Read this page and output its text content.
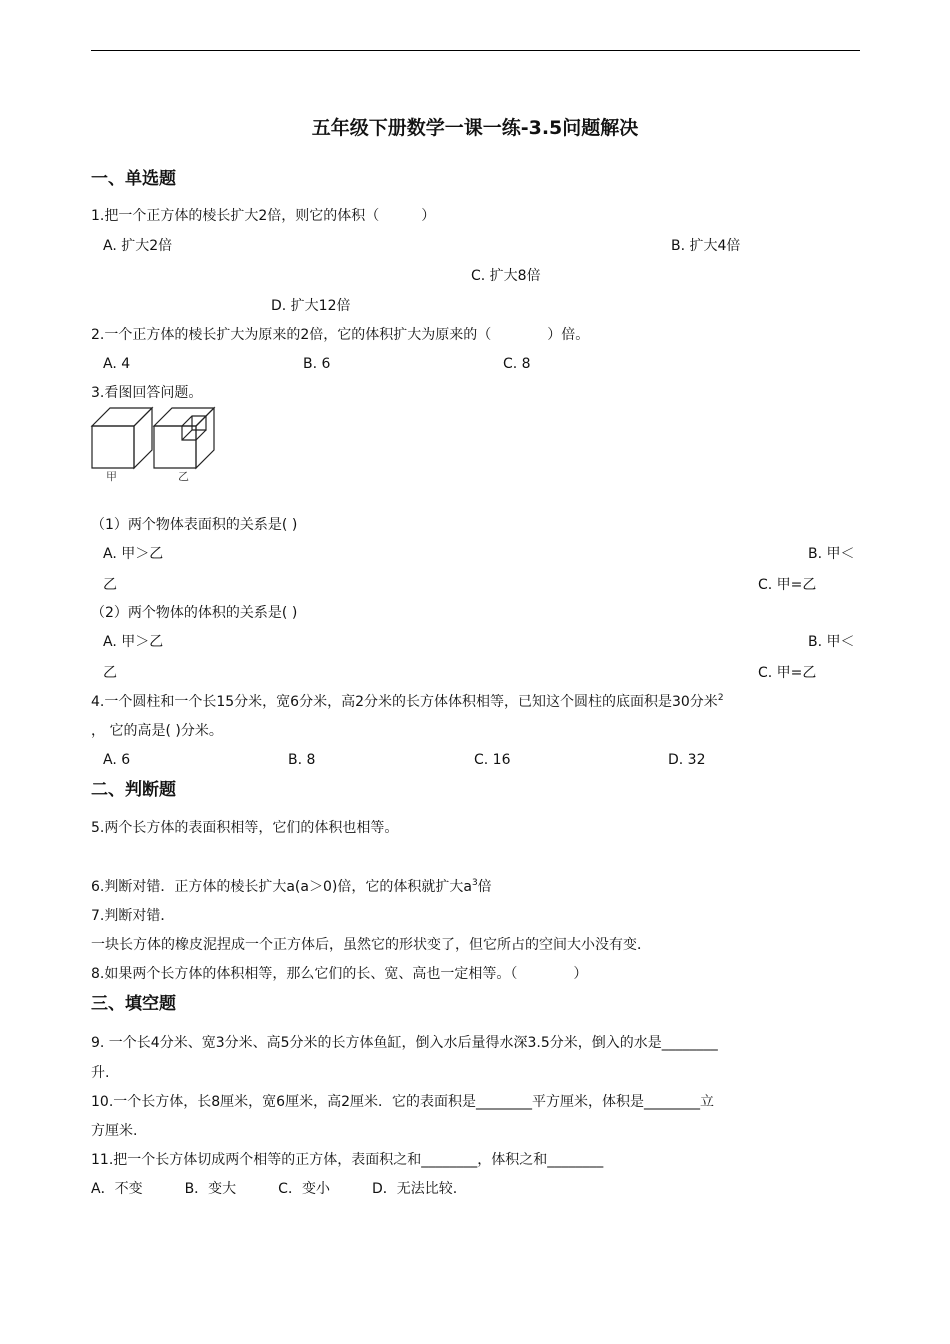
五年级下册数学一课一练-3.5问题解决
一、单选题
1.把一个正方体的棱长扩大2倍，则它的体积（　　　）
A. 扩大2倍	B. 扩大4倍
C. 扩大8倍
D. 扩大12倍
2.一个正方体的棱长扩大为原来的2倍，它的体积扩大为原来的（　　　　）倍。
A. 4	B. 6	C. 8
3.看图回答问题。
甲	乙
（1）两个物体表面积的关系是( )
A. 甲＞乙	B. 甲＜
乙	C. 甲=乙
（2）两个物体的体积的关系是( )
A. 甲＞乙	B. 甲＜
乙	C. 甲=乙
4.一个圆柱和一个长15分米，宽6分米，高2分米的长方体体积相等，已知这个圆柱的底面积是30分米$^2$
， 它的高是( )分米。
A. 6	B. 8	C. 16	D. 32
二、判断题
5.两个长方体的表面积相等，它们的体积也相等。
6.判断对错．正方体的棱长扩大a(a＞0)倍，它的体积就扩大$a^3$倍
7.判断对错．
一块长方体的橡皮泥捏成一个正方体后，虽然它的形状变了，但它所占的空间大小没有变．
8.如果两个长方体的体积相等，那么它们的长、宽、高也一定相等。（　　　　）
三、填空题
9. 一个长4分米、宽3分米、高5分米的长方体鱼缸，倒入水后量得水深3.5分米，倒入的水是________
升.
10.一个长方体，长8厘米，宽6厘米，高2厘米．它的表面积是________平方厘米，体积是________立
方厘米.
11.把一个长方体切成两个相等的正方体，表面积之和________，体积之和________
A．不变　　　B．变大　　　C．变小　　　D．无法比较.
